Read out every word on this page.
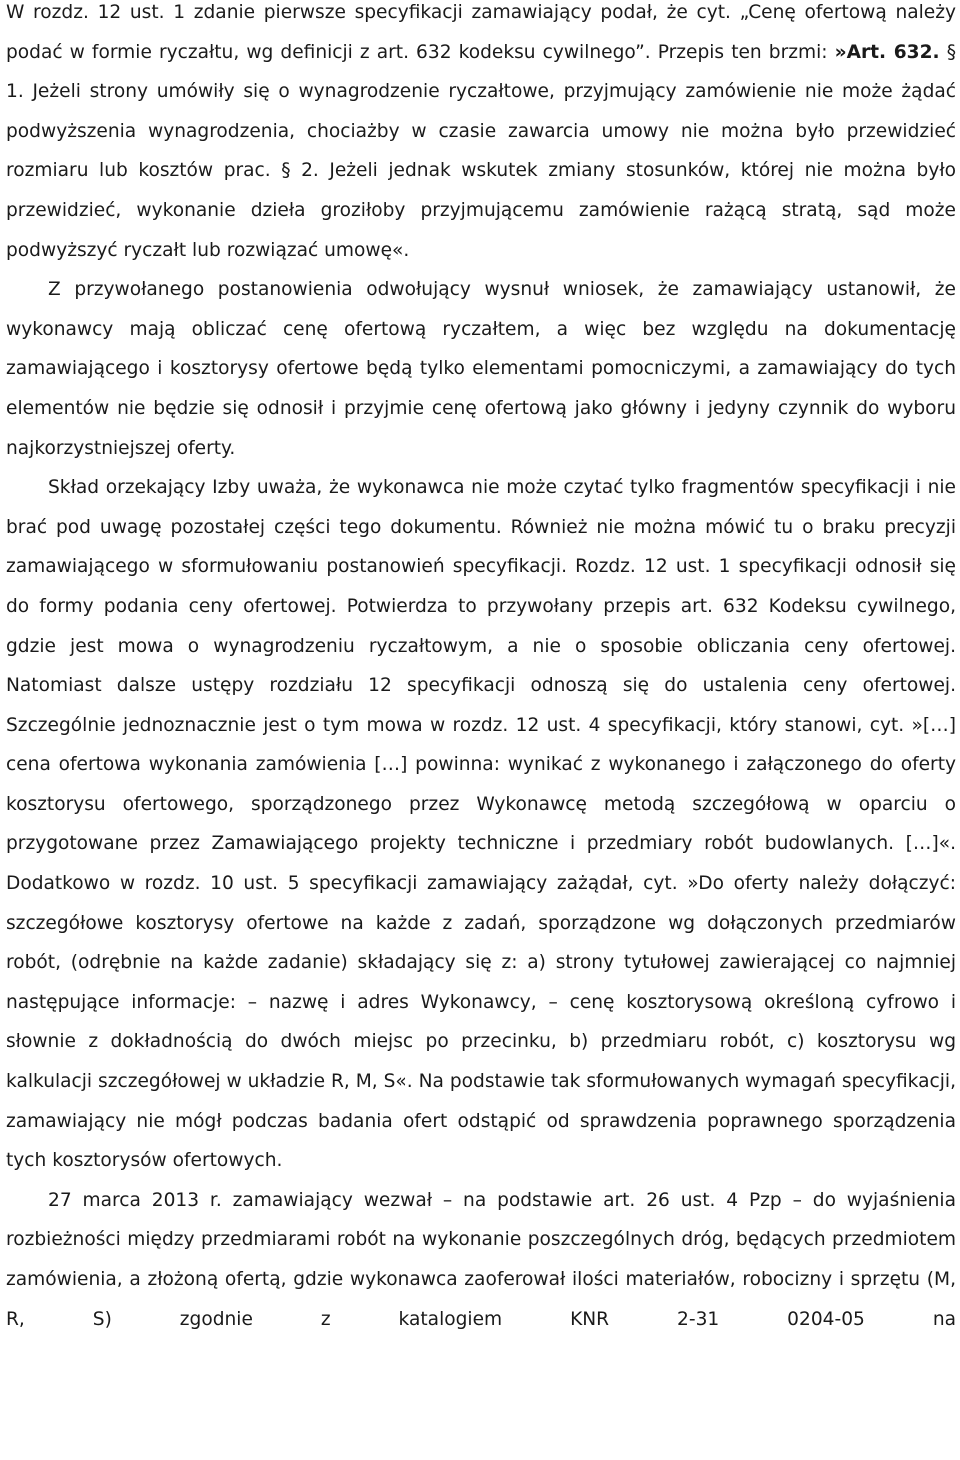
W rozdz. 12 ust. 1 zdanie pierwsze specyfikacji zamawiający podał, że cyt. „Cenę ofertową należy podać w formie ryczałtu, wg definicji z art. 632 kodeksu cywilnego”. Przepis ten brzmi: »Art. 632. § 1. Jeżeli strony umówiły się o wynagrodzenie ryczałtowe, przyjmujący zamówienie nie może żądać podwyższenia wynagrodzenia, chociażby w czasie zawarcia umowy nie można było przewidzieć rozmiaru lub kosztów prac. § 2. Jeżeli jednak wskutek zmiany stosunków, której nie można było przewidzieć, wykonanie dzieła groziłoby przyjmującemu zamówienie rażącą stratą, sąd może podwyższyć ryczałt lub rozwiązać umowę«.

Z przywołanego postanowienia odwołujący wysnuł wniosek, że zamawiający ustanowił, że wykonawcy mają obliczać cenę ofertową ryczałtem, a więc bez względu na dokumentację zamawiającego i kosztorysy ofertowe będą tylko elementami pomocniczymi, a zamawiający do tych elementów nie będzie się odnosił i przyjmie cenę ofertową jako główny i jedyny czynnik do wyboru najkorzystniejszej oferty.

Skład orzekający Izby uważa, że wykonawca nie może czytać tylko fragmentów specyfikacji i nie brać pod uwagę pozostałej części tego dokumentu. Również nie można mówić tu o braku precyzji zamawiającego w sformułowaniu postanowień specyfikacji. Rozdz. 12 ust. 1 specyfikacji odnosił się do formy podania ceny ofertowej. Potwierdza to przywołany przepis art. 632 Kodeksu cywilnego, gdzie jest mowa o wynagrodzeniu ryczałtowym, a nie o sposobie obliczania ceny ofertowej. Natomiast dalsze ustępy rozdziału 12 specyfikacji odnoszą się do ustalenia ceny ofertowej. Szczególnie jednoznacznie jest o tym mowa w rozdz. 12 ust. 4 specyfikacji, który stanowi, cyt. »[…] cena ofertowa wykonania zamówienia […] powinna: wynikać z wykonanego i załączonego do oferty kosztorysu ofertowego, sporządzonego przez Wykonawcę metodą szczegółową w oparciu o przygotowane przez Zamawiającego projekty techniczne i przedmiary robót budowlanych. […]«. Dodatkowo w rozdz. 10 ust. 5 specyfikacji zamawiający zażądał, cyt. »Do oferty należy dołączyć: szczegółowe kosztorysy ofertowe na każde z zadań, sporządzone wg dołączonych przedmiarów robót, (odrębnie na każde zadanie) składający się z: a) strony tytułowej zawierającej co najmniej następujące informacje: – nazwę i adres Wykonawcy, – cenę kosztorysową określoną cyfrowo i słownie z dokładnością do dwóch miejsc po przecinku, b) przedmiaru robót, c) kosztorysu wg kalkulacji szczegółowej w układzie R, M, S«. Na podstawie tak sformułowanych wymagań specyfikacji, zamawiający nie mógł podczas badania ofert odstąpić od sprawdzenia poprawnego sporządzenia tych kosztorysów ofertowych.

27 marca 2013 r. zamawiający wezwał – na podstawie art. 26 ust. 4 Pzp – do wyjaśnienia rozbieżności między przedmiarami robót na wykonanie poszczególnych dróg, będących przedmiotem zamówienia, a złożoną ofertą, gdzie wykonawca zaoferował ilości materiałów, robocizny i sprzętu (M, R, S) zgodnie z katalogiem KNR 2-31 0204-05 na
